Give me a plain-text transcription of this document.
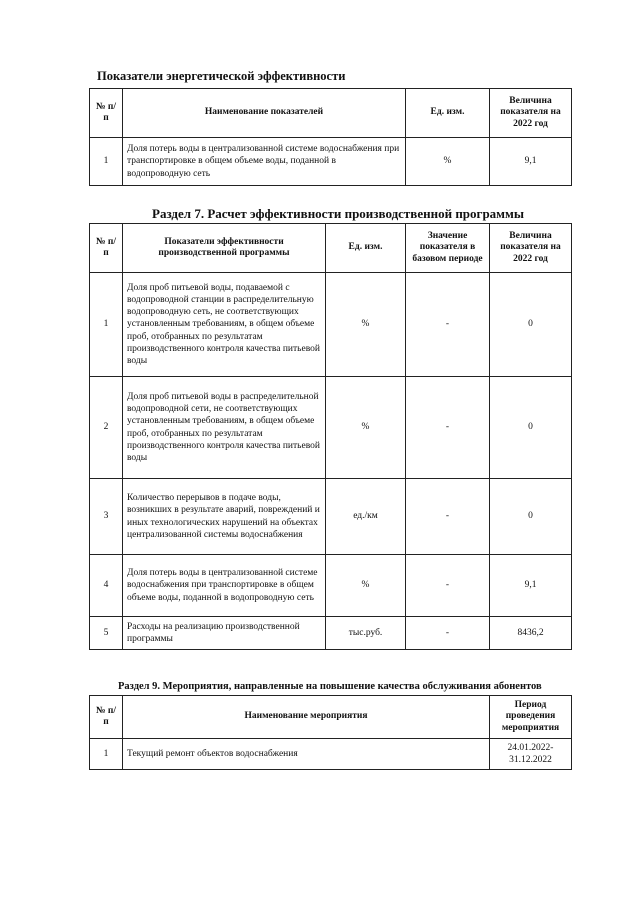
Показатели энергетической эффективности
№ п/п	Наименование показателей	Ед. изм.	Величина показателя на 2022 год
1	Доля потерь воды в централизованной системе водоснабжения при транспортировке в общем объеме воды, поданной в водопроводную сеть	%	9,1
Раздел 7. Расчет эффективности производственной программы
№ п/п	Показатели эффективности производственной программы	Ед. изм.	Значение показателя в базовом периоде	Величина показателя на 2022 год
1	Доля проб питьевой воды, подаваемой с водопроводной станции в распределительную водопроводную сеть, не соответствующих установленным требованиям, в общем объеме проб, отобранных по результатам производственного контроля качества питьевой воды	%	-	0
2	Доля проб питьевой воды в распределительной водопроводной сети, не соответствующих установленным требованиям, в общем объеме проб, отобранных по результатам производственного контроля качества питьевой воды	%	-	0
3	Количество перерывов в подаче воды, возникших в результате аварий, повреждений и иных технологических нарушений на объектах централизованной системы водоснабжения	ед./км	-	0
4	Доля потерь воды в централизованной системе водоснабжения при транспортировке в общем объеме воды, поданной в водопроводную сеть	%	-	9,1
5	Расходы на реализацию производственной программы	тыс.руб.	-	8436,2
Раздел 9. Мероприятия, направленные на повышение качества обслуживания абонентов
№ п/п	Наименование мероприятия	Период проведения мероприятия
1	Текущий ремонт объектов водоснабжения	24.01.2022-31.12.2022
